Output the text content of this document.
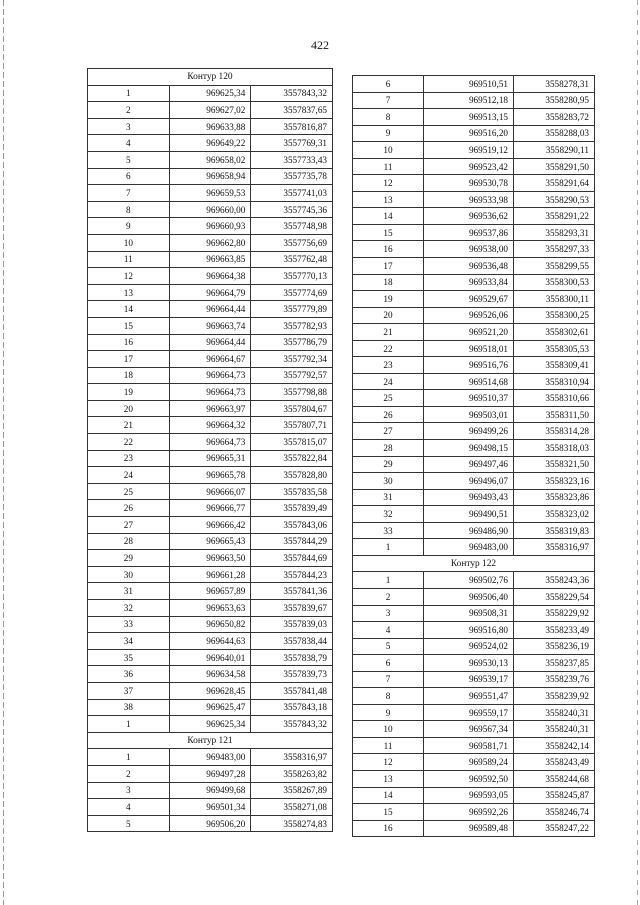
422
Контур 120		
1	969625,34	3557843,32
2	969627,02	3557837,65
3	969633,88	3557816,87
4	969649,22	3557769,31
5	969658,02	3557733,43
6	969658,94	3557735,78
7	969659,53	3557741,03
8	969660,00	3557745,36
9	969660,93	3557748,98
10	969662,80	3557756,69
11	969663,85	3557762,48
12	969664,38	3557770,13
13	969664,79	3557774,69
14	969664,44	3557779,89
15	969663,74	3557782,93
16	969664,44	3557786,79
17	969664,67	3557792,34
18	969664,73	3557792,57
19	969664,73	3557798,88
20	969663,97	3557804,67
21	969664,32	3557807,71
22	969664,73	3557815,07
23	969665,31	3557822,84
24	969665,78	3557828,80
25	969666,07	3557835,58
26	969666,77	3557839,49
27	969666,42	3557843,06
28	969665,43	3557844,29
29	969663,50	3557844,69
30	969661,28	3557844,23
31	969657,89	3557841,36
32	969653,63	3557839,67
33	969650,82	3557839,03
34	969644,63	3557838,44
35	969640,01	3557838,79
36	969634,58	3557839,73
37	969628,45	3557841,48
38	969625,47	3557843,18
1	969625,34	3557843,32
Контур 121		
1	969483,00	3558316,97
2	969497,28	3558263,82
3	969499,68	3558267,89
4	969501,34	3558271,08
5	969506,20	3558274,83
6	969510,51	3558278,31
7	969512,18	3558280,95
8	969513,15	3558283,72
9	969516,20	3558288,03
10	969519,12	3558290,11
11	969523,42	3558291,50
12	969530,78	3558291,64
13	969533,98	3558290,53
14	969536,62	3558291,22
15	969537,86	3558293,31
16	969538,00	3558297,33
17	969536,48	3558299,55
18	969533,84	3558300,53
19	969529,67	3558300,11
20	969526,06	3558300,25
21	969521,20	3558302,61
22	969518,01	3558305,53
23	969516,76	3558309,41
24	969514,68	3558310,94
25	969510,37	3558310,66
26	969503,01	3558311,50
27	969499,26	3558314,28
28	969498,15	3558318,03
29	969497,46	3558321,50
30	969496,07	3558323,16
31	969493,43	3558323,86
32	969490,51	3558323,02
33	969486,90	3558319,83
1	969483,00	3558316,97
Контур 122		
1	969502,76	3558243,36
2	969506,40	3558229,54
3	969508,31	3558229,92
4	969516,80	3558233,49
5	969524,02	3558236,19
6	969530,13	3558237,85
7	969539,17	3558239,76
8	969551,47	3558239,92
9	969559,17	3558240,31
10	969567,34	3558240,31
11	969581,71	3558242,14
12	969589,24	3558243,49
13	969592,50	3558244,68
14	969593,05	3558245,87
15	969592,26	3558246,74
16	969589,48	3558247,22
